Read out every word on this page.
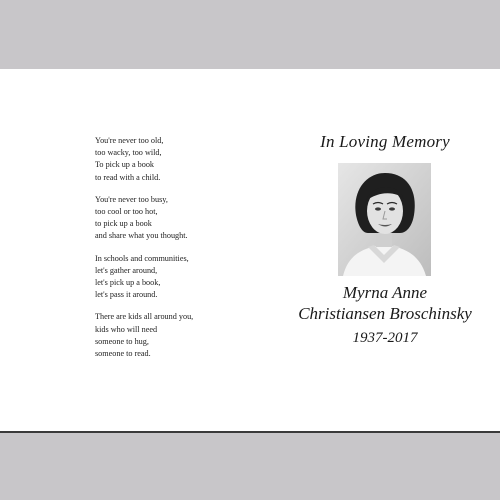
You're never too old,
too wacky, too wild,
To pick up a book
to read with a child.
You're never too busy,
too cool or too hot,
to pick up a book
and share what you thought.
In schools and communities,
let's gather around,
let's pick up a book,
let's pass it around.
There are kids all around you,
kids who will need
someone to hug,
someone to read.
In Loving Memory
Myrna Anne
Christiansen Broschinsky
1937-2017
